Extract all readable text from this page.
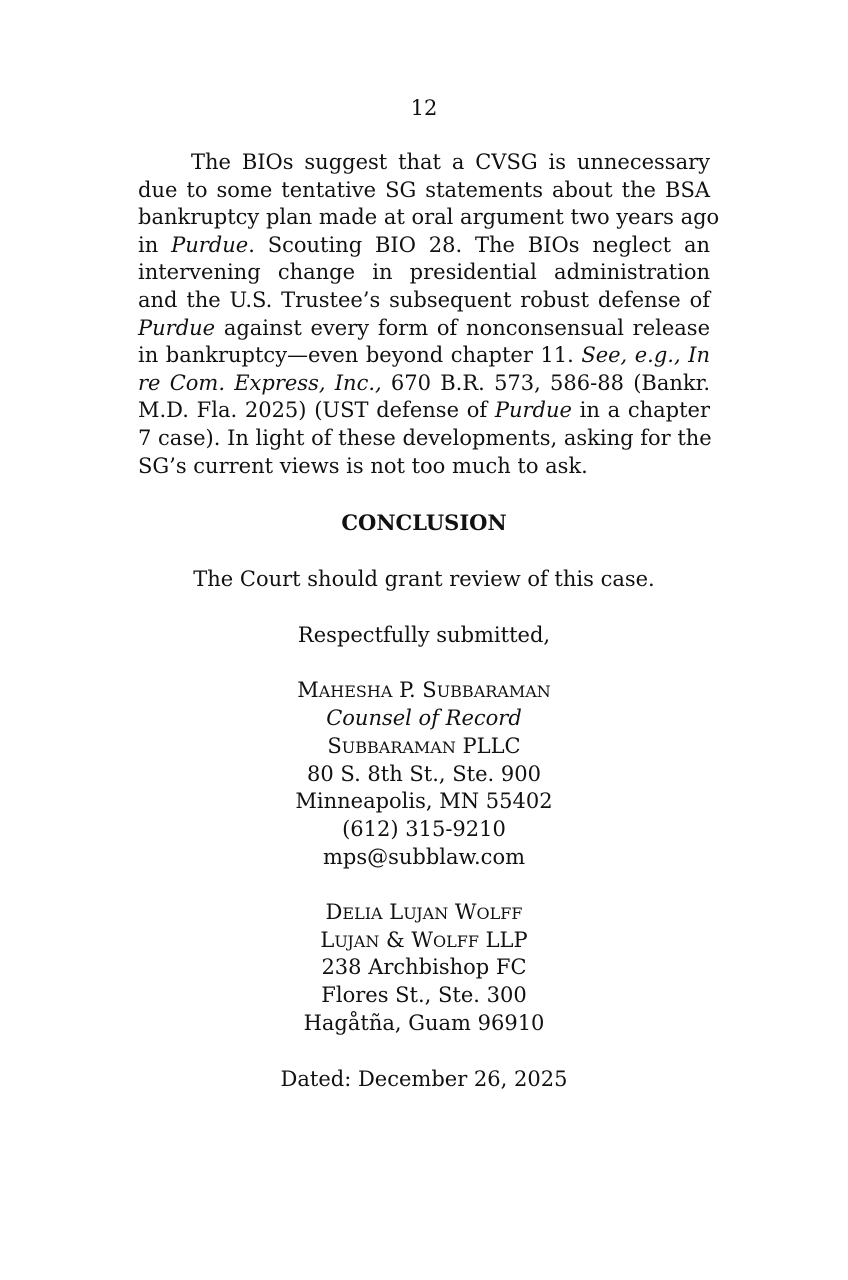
12
The BIOs suggest that a CVSG is unnecessary
due to some tentative SG statements about the BSA
bankruptcy plan made at oral argument two years ago
in Purdue. Scouting BIO 28. The BIOs neglect an
intervening change in presidential administration
and the U.S. Trustee’s subsequent robust defense of
Purdue against every form of nonconsensual release
in bankruptcy—even beyond chapter 11. See, e.g., In
re Com. Express, Inc., 670 B.R. 573, 586-88 (Bankr.
M.D. Fla. 2025) (UST defense of Purdue in a chapter
7 case). In light of these developments, asking for the
SG’s current views is not too much to ask.
CONCLUSION
The Court should grant review of this case.
Respectfully submitted,
MAHESHA P. SUBBARAMAN
Counsel of Record
SUBBARAMAN PLLC
80 S. 8th St., Ste. 900
Minneapolis, MN 55402
(612) 315-9210
mps@subblaw.com
DELIA LUJAN WOLFF
LUJAN & WOLFF LLP
238 Archbishop FC
Flores St., Ste. 300
Hagåtña, Guam 96910
Dated: December 26, 2025
